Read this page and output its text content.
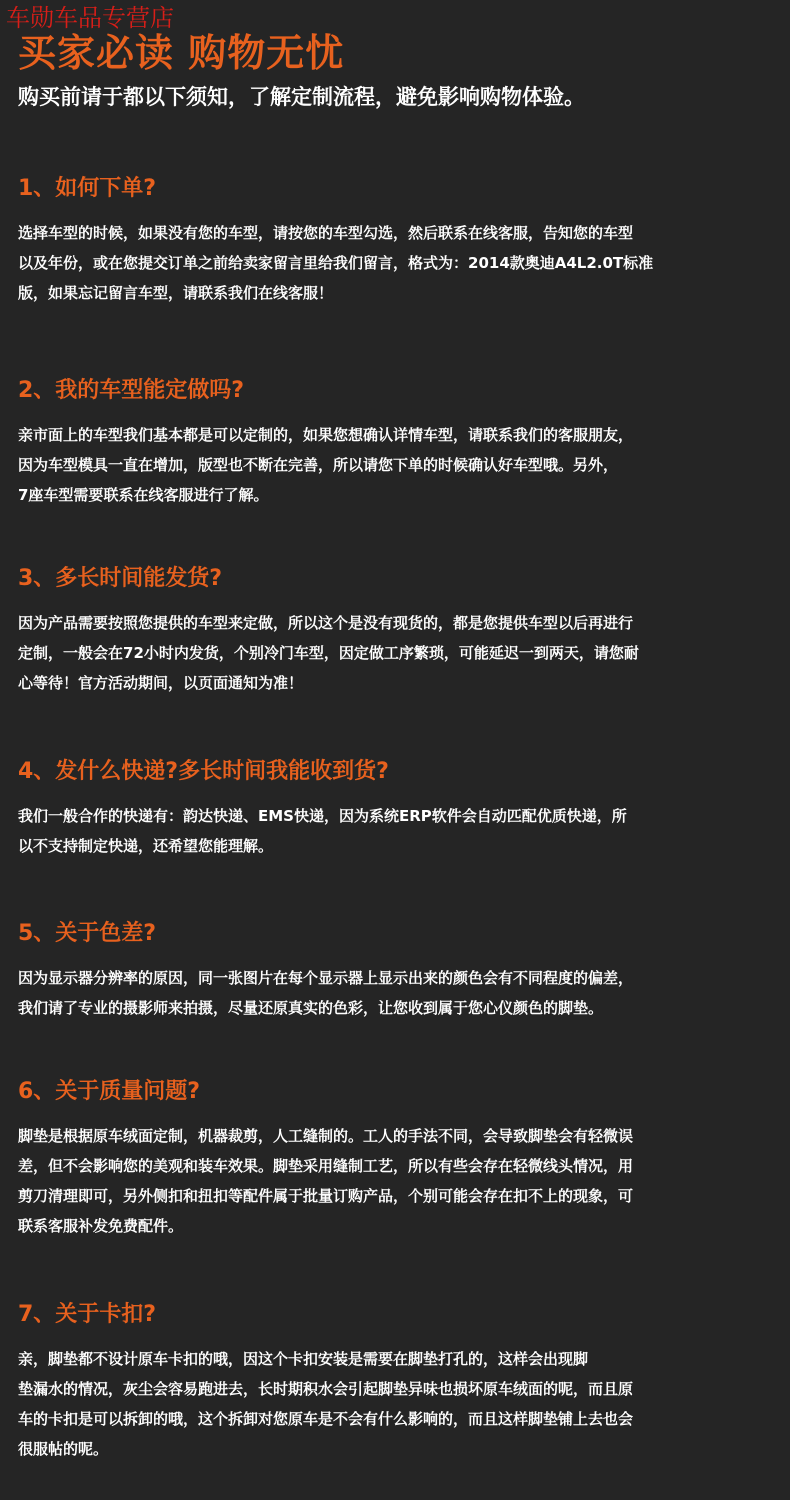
车勋车品专营店
买家必读 购物无忧
购买前请于都以下须知，了解定制流程，避免影响购物体验。
1、如何下单?
选择车型的时候，如果没有您的车型，请按您的车型勾选，然后联系在线客服，告知您的车型
以及年份，或在您提交订单之前给卖家留言里给我们留言，格式为：2014款奥迪A4L2.0T标准
版，如果忘记留言车型，请联系我们在线客服！
2、我的车型能定做吗?
亲市面上的车型我们基本都是可以定制的，如果您想确认详情车型，请联系我们的客服朋友，
因为车型模具一直在增加，版型也不断在完善，所以请您下单的时候确认好车型哦。另外，
7座车型需要联系在线客服进行了解。
3、多长时间能发货?
因为产品需要按照您提供的车型来定做，所以这个是没有现货的，都是您提供车型以后再进行
定制，一般会在72小时内发货，个别冷门车型，因定做工序繁琐，可能延迟一到两天，请您耐
心等待！官方活动期间，以页面通知为准！
4、发什么快递?多长时间我能收到货?
我们一般合作的快递有：韵达快递、EMS快递，因为系统ERP软件会自动匹配优质快递，所
以不支持制定快递，还希望您能理解。
5、关于色差?
因为显示器分辨率的原因，同一张图片在每个显示器上显示出来的颜色会有不同程度的偏差，
我们请了专业的摄影师来拍摄，尽量还原真实的色彩，让您收到属于您心仪颜色的脚垫。
6、关于质量问题?
脚垫是根据原车绒面定制，机器裁剪，人工缝制的。工人的手法不同，会导致脚垫会有轻微误
差，但不会影响您的美观和装车效果。脚垫采用缝制工艺，所以有些会存在轻微线头情况，用
剪刀清理即可，另外侧扣和扭扣等配件属于批量订购产品，个别可能会存在扣不上的现象，可
联系客服补发免费配件。
7、关于卡扣?
亲，脚垫都不设计原车卡扣的哦，因这个卡扣安装是需要在脚垫打孔的，这样会出现脚
垫漏水的情况，灰尘会容易跑进去，长时期积水会引起脚垫异味也损坏原车绒面的呢，而且原
车的卡扣是可以拆卸的哦，这个拆卸对您原车是不会有什么影响的，而且这样脚垫铺上去也会
很服帖的呢。
